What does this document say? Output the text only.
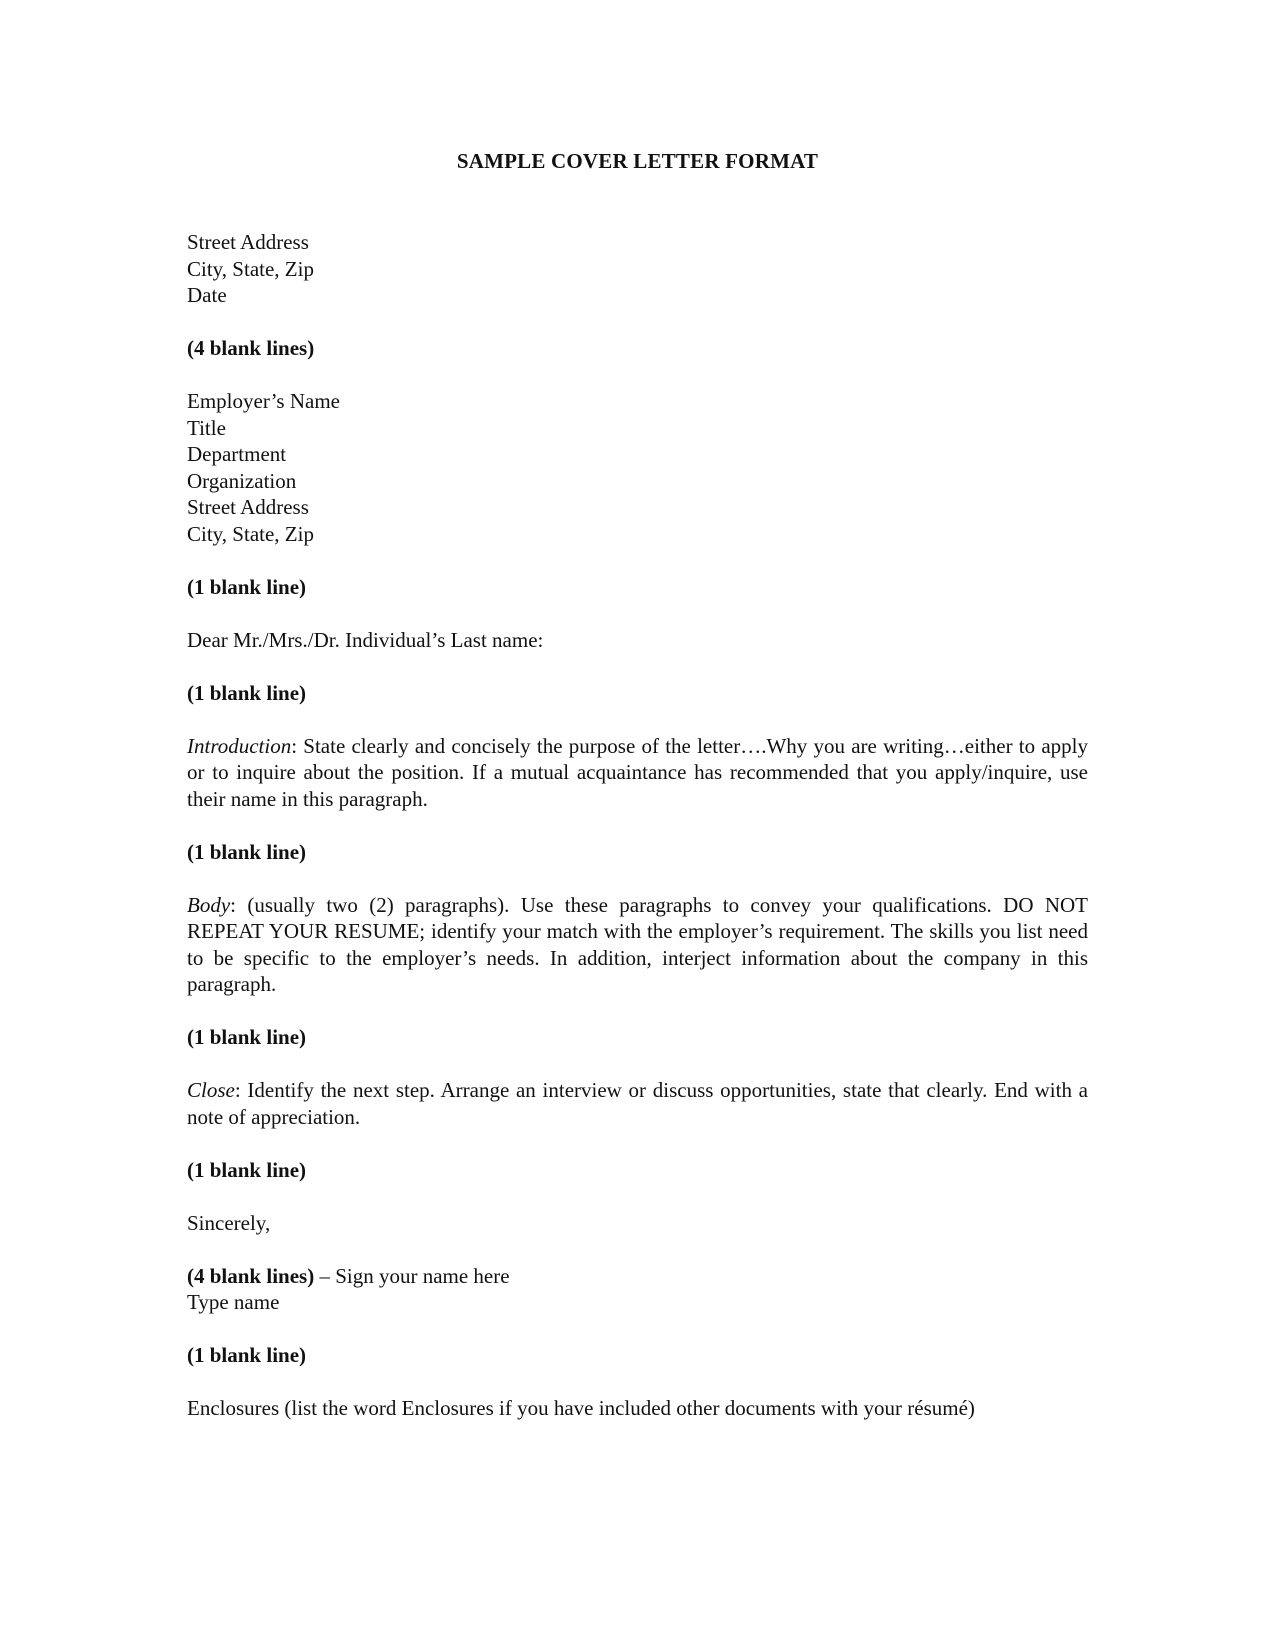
SAMPLE COVER LETTER FORMAT
Street Address
City, State, Zip
Date
(4 blank lines)
Employer’s Name
Title
Department
Organization
Street Address
City, State, Zip
(1 blank line)
Dear Mr./Mrs./Dr. Individual’s Last name:
(1 blank line)

Introduction: State clearly and concisely the purpose of the letter….Why you are writing…either to apply or to inquire about the position. If a mutual acquaintance has recommended that you apply/inquire, use their name in this paragraph.

(1 blank line)

Body: (usually two (2) paragraphs). Use these paragraphs to convey your qualifications. DO NOT REPEAT YOUR RESUME; identify your match with the employer’s requirement. The skills you list need to be specific to the employer’s needs. In addition, interject information about the company in this paragraph.

(1 blank line)

Close: Identify the next step. Arrange an interview or discuss opportunities, state that clearly. End with a note of appreciation.

(1 blank line)
Sincerely,
(4 blank lines) – Sign your name here
Type name
(1 blank line)
Enclosures (list the word Enclosures if you have included other documents with your résumé)
